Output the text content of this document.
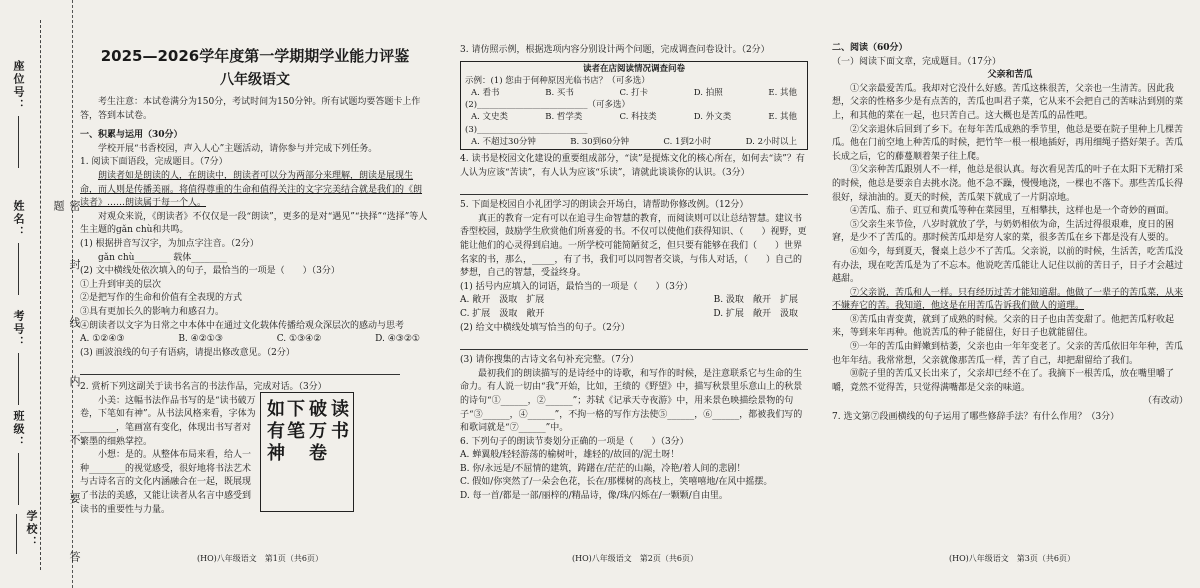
座位号：
姓名：
考号：
班级：
学校：	密 封 线 内 不 要 答 题
2025—2026学年度第一学期期学业能力评鉴
八年级语文

考生注意：本试卷满分为150分，考试时间为150分钟。所有试题均要答题卡上作答，答到本试卷。

一、积累与运用（30分）

学校开展“书香校园，声入人心”主题活动，请你参与并完成下列任务。

1. 阅读下面语段，完成题目。（7分）

朗读者如是朗读的人，在朗读中，朗读者可以分为两部分来理解，朗读是展现生命，而人则是传播美丽。将值得尊重的生命和值得关注的文字完美结合就是我们的《朗读者》……朗读属于每一个人。

对观众来说，《朗读者》不仅仅是一段“朗读”，更多的是对“遇见”“抉择”“选择”等人生主题的gǎn chù和共鸣。

(1) 根据拼音写汉字，为加点字注音。（2分）

gǎn chù________ 载体________

(2) 文中横线处依次填入的句子，最恰当的一项是（　　）（3分）

①上升到审美的层次

②是把写作的生命和价值有全表现的方式

③具有更加长久的影响力和感召力。

④朗读者以文字为日常之中本体中在通过文化载体传播给观众深层次的感动与思考

A. ①②④③	B. ④②①③	C. ①③④②	D. ④③②①

(3) 画波浪线的句子有语病，请提出修改意见。（2分）

2. 赏析下列这副关于读书名言的书法作品，完成对话。（3分）

小美：这幅书法作品书写的是“读书破万卷，下笔如有神”。从书法风格来看，字体为________，笔画富有变化，体现出书写者对繁墨的细熟掌控。

小想：是的。从整体布局来看，给人一种________的视觉感受，很好地将书法艺术与古诗名言的文化内涵融合在一起，既展现了书法的美感，又能让读者从名言中感受到读书的重要性与力量。

读书
破万卷
下笔
如有神
(HO)八年级语文　第1页（共6页）

3. 请仿照示例，根据选项内容分别设计两个问题，完成调查问卷设计。（2分）

读者在店阅读情况调查问卷
示例：(1) 您由于何种原因光临书店？（可多选）
A. 看书	B. 买书	C. 打卡	D. 拍照	E. 其他
(2)__________________________（可多选）
A. 文史类	B. 哲学类	C. 科技类	D. 外文类	E. 其他
(3)__________________________
A. 不超过30分钟	B. 30到60分钟	C. 1到2小时	D. 2小时以上

4. 读书是校园文化建设的重要组成部分，“读”是提炼文化的核心所在，如何去“读”？有人认为应该“苦读”，有人认为应该“乐读”，请就此谈谈你的认识。（3分）

5. 下面是校园自小礼团学习的朗读会开场白，请帮助你修改例。（12分）

真正的教育一定有可以在追寻生命智慧的教育，而阅读则可以让总结智慧。建议书香型校园，鼓励学生欣赏他们所喜爱的书。不仅可以使他们获得知识、（　　）视野，更能让他们的心灵得到启迪。一所学校可能简陋贫乏，但只要有能够在我们（　　）世界名家的书，那么，_____，有了书，我们可以同智者交谈，与伟人对话，（　　）自己的梦想，自己的智慧，受益终身。

(1) 括号内应填入的词语，最恰当的一项是（　　）（3分）

A. 敞开　 汲取　 扩展	B. 汲取　 敞开　 扩展
C. 扩展　 汲取　 敞开	D. 扩展　 敞开　 汲取

(2) 给文中横线处填写恰当的句子。（2分）

(3) 请你搜集的古诗文名句补充完整。（7分）

最初我们的朗读描写的是诗经中的诗歌，和写作的时候，是注意联系它与生命的生命力。有人说一切由“我”开始，比如，王绩的《野望》中，描写秋景里乐意山上的秋景的诗句“①______，②______”；苏轼《记承天寺夜游》中，用来景色映描绘景物的句子“③______，④______”，不拘一格的写作方法使⑤______，⑥______，都被我们写的和歌词就是“⑦______”中。

6. 下列句子的朗读节奏划分正确的一项是（　　）（3分）

A. 蝉翼般/轻轻游荡的榆树叶，雄轻的/故回的/泥土呀！

B. 你/永远是/不屈情的建筑，踌躇在/茫茫的山巅，冷艳/着人间的悲剧！

C. 假如/你突然了/一朵会色花，长在/那棵树的高枝上，笑嘻嘻地/在风中摇摆。

D. 每一首/都是一部/丽梓的/精品诗，像/珠/闪烁在/一颗颗/自由里。

(HO)八年级语文　第2页（共6页）

二、阅读（60分）

（一）阅读下面文章，完成题目。（17分）

父亲和苦瓜

①父亲最爱苦瓜。我却对它没什么好感。苦瓜这株很苦，父亲也一生清苦。因此我想，父亲的性格多少是有点苦的，苦瓜也叫君子菜，它从来不会把自己的苦味沾到别的菜上，和其他的菜在一起，也只苦自己。这大概也是苦瓜的品性吧。

②父亲退休后回到了乡下。在每年苦瓜成熟的季节里，他总是要在院子里种上几棵苦瓜。他在门前空地上种苦瓜的时候，把竹竿一根一根地插好，再用细绳子搭好架子。苦瓜长成之后，它的藤蔓顺着架子往上爬。

③父亲种苦瓜跟别人不一样，他总是很认真。每次看见苦瓜的叶子在太阳下无精打采的时候，他总是要亲自去挑水浇。他不急不躁，慢慢地浇，一棵也不落下。那些苦瓜长得很好，绿油油的。夏天的时候，苦瓜架下就成了一片阴凉地。

④苦瓜、茄子、豇豆和黄瓜等种在菜园里，互相攀扶，这样也是一个奇妙的画面。

⑤父亲生来节俭，八岁时就放了学，与奶奶相依为命，生活过得很艰难，度日的困窘，是少不了苦瓜的。那时候苦瓜却是穷人家的菜，很多苦瓜在乡下都是没有人要的。

⑥如今，每到夏天，餐桌上总少不了苦瓜。父亲说，以前的时候，生活苦，吃苦瓜没有办法，现在吃苦瓜是为了不忘本。他说吃苦瓜能让人记住以前的苦日子，日子才会越过越甜。

⑦父亲说，苦瓜和人一样。只有经历过苦才能知道甜。他做了一辈子的苦瓜菜，从来不嫌弃它的苦。我知道，他这是在用苦瓜告诉我们做人的道理。

⑧苦瓜由青变黄，就到了成熟的时候。父亲的日子也由苦变甜了。他把苦瓜籽收起来，等到来年再种。他说苦瓜的种子能留住，好日子也就能留住。

⑨一年的苦瓜由鲜嫩到枯萎，父亲也由一年年变老了。父亲的苦瓜依旧年年种，苦瓜也年年结。我常常想，父亲就像那苦瓜一样，苦了自己，却把甜留给了我们。

⑩院子里的苦瓜又长出来了，父亲却已经不在了。我摘下一根苦瓜，放在嘴里嚼了嚼，竟然不觉得苦，只觉得满嘴都是父亲的味道。

（有改动）

7. 选文第⑦段画横线的句子运用了哪些修辞手法？有什么作用？（3分）

(HO)八年级语文　第3页（共6页）
